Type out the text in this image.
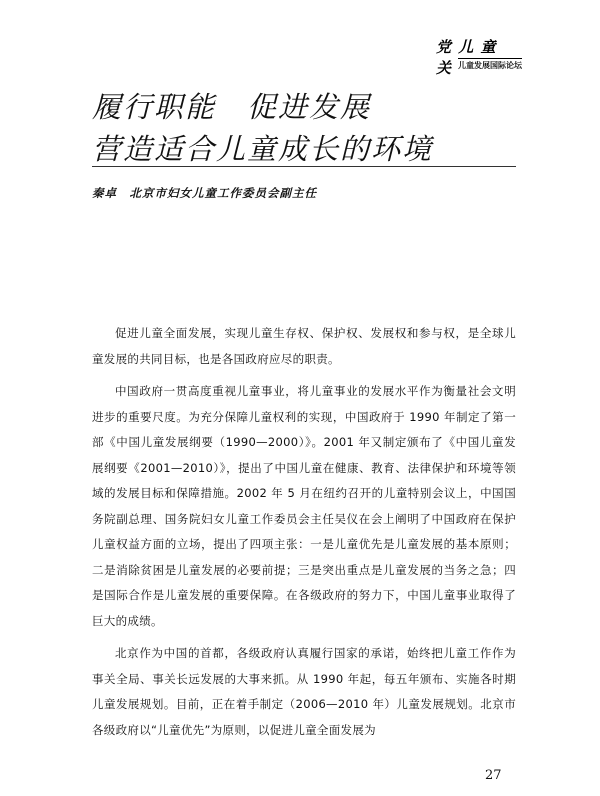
党 儿 童 关 儿童发展国际论坛
履行职能　促进发展
营造适合儿童成长的环境
秦卓　北京市妇女儿童工作委员会副主任

促进儿童全面发展，实现儿童生存权、保护权、发展权和参与权，是全球儿童发展的共同目标，也是各国政府应尽的职责。

中国政府一贯高度重视儿童事业，将儿童事业的发展水平作为衡量社会文明进步的重要尺度。为充分保障儿童权利的实现，中国政府于 1990 年制定了第一部《中国儿童发展纲要（1990—2000）》。2001 年又制定颁布了《中国儿童发展纲要《2001—2010）》，提出了中国儿童在健康、教育、法律保护和环境等领域的发展目标和保障措施。2002 年 5 月在纽约召开的儿童特别会议上，中国国务院副总理、国务院妇女儿童工作委员会主任吴仪在会上阐明了中国政府在保护儿童权益方面的立场，提出了四项主张：一是儿童优先是儿童发展的基本原则；二是消除贫困是儿童发展的必要前提；三是突出重点是儿童发展的当务之急；四是国际合作是儿童发展的重要保障。在各级政府的努力下，中国儿童事业取得了巨大的成绩。

北京作为中国的首都，各级政府认真履行国家的承诺，始终把儿童工作作为事关全局、事关长远发展的大事来抓。从 1990 年起，每五年颁布、实施各时期儿童发展规划。目前，正在着手制定（2006—2010 年）儿童发展规划。北京市各级政府以“儿童优先”为原则，以促进儿童全面发展为

27
